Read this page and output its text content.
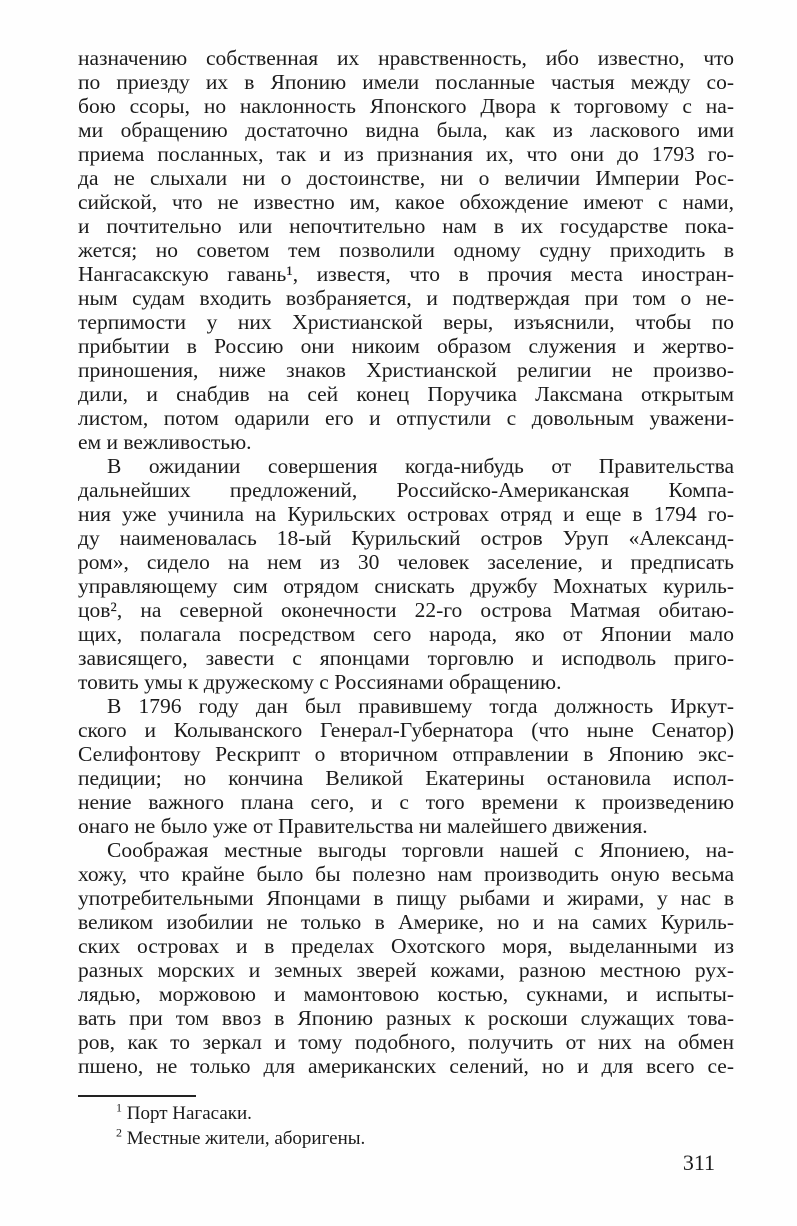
назначению собственная их нравственность, ибо известно, что
по приезду их в Японию имели посланные частыя между со-
бою ссоры, но наклонность Японского Двора к торговому с на-
ми обращению достаточно видна была, как из ласкового ими
приема посланных, так и из признания их, что они до 1793 го-
да не слыхали ни о достоинстве, ни о величии Империи Рос-
сийской, что не известно им, какое обхождение имеют с нами,
и почтительно или непочтительно нам в их государстве пока-
жется; но советом тем позволили одному судну приходить в
Нангасакскую гавань¹, известя, что в прочия места иностран-
ным судам входить возбраняется, и подтверждая при том о не-
терпимости у них Христианской веры, изъяснили, чтобы по
прибытии в Россию они никоим образом служения и жертво-
приношения, ниже знаков Христианской религии не произво-
дили, и снабдив на сей конец Поручика Лаксмана открытым
листом, потом одарили его и отпустили с довольным уважени-
ем и вежливостью.
В ожидании совершения когда-нибудь от Правительства
дальнейших предложений, Российско-Американская Компа-
ния уже учинила на Курильских островах отряд и еще в 1794 го-
ду наименовалась 18-ый Курильский остров Уруп «Александ-
ром», сидело на нем из 30 человек заселение, и предписать
управляющему сим отрядом снискать дружбу Мохнатых куриль-
цов², на северной оконечности 22-го острова Матмая обитаю-
щих, полагала посредством сего народа, яко от Японии мало
зависящего, завести с японцами торговлю и исподволь приго-
товить умы к дружескому с Россиянами обращению.
В 1796 году дан был правившему тогда должность Иркут-
ского и Колыванского Генерал-Губернатора (что ныне Сенатор)
Селифонтову Рескрипт о вторичном отправлении в Японию экс-
педиции; но кончина Великой Екатерины остановила испол-
нение важного плана сего, и с того времени к произведению
онаго не было уже от Правительства ни малейшего движения.
Соображая местные выгоды торговли нашей с Япониею, на-
хожу, что крайне было бы полезно нам производить оную весьма
употребительными Японцами в пищу рыбами и жирами, у нас в
великом изобилии не только в Америке, но и на самих Куриль-
ских островах и в пределах Охотского моря, выделанными из
разных морских и земных зверей кожами, разною местною рух-
лядью, моржовою и мамонтовою костью, сукнами, и испыты-
вать при том ввоз в Японию разных к роскоши служащих това-
ров, как то зеркал и тому подобного, получить от них на обмен
пшено, не только для американских селений, но и для всего се-
$^1$ Порт Нагасаки.
$^2$ Местные жители, аборигены.
311
